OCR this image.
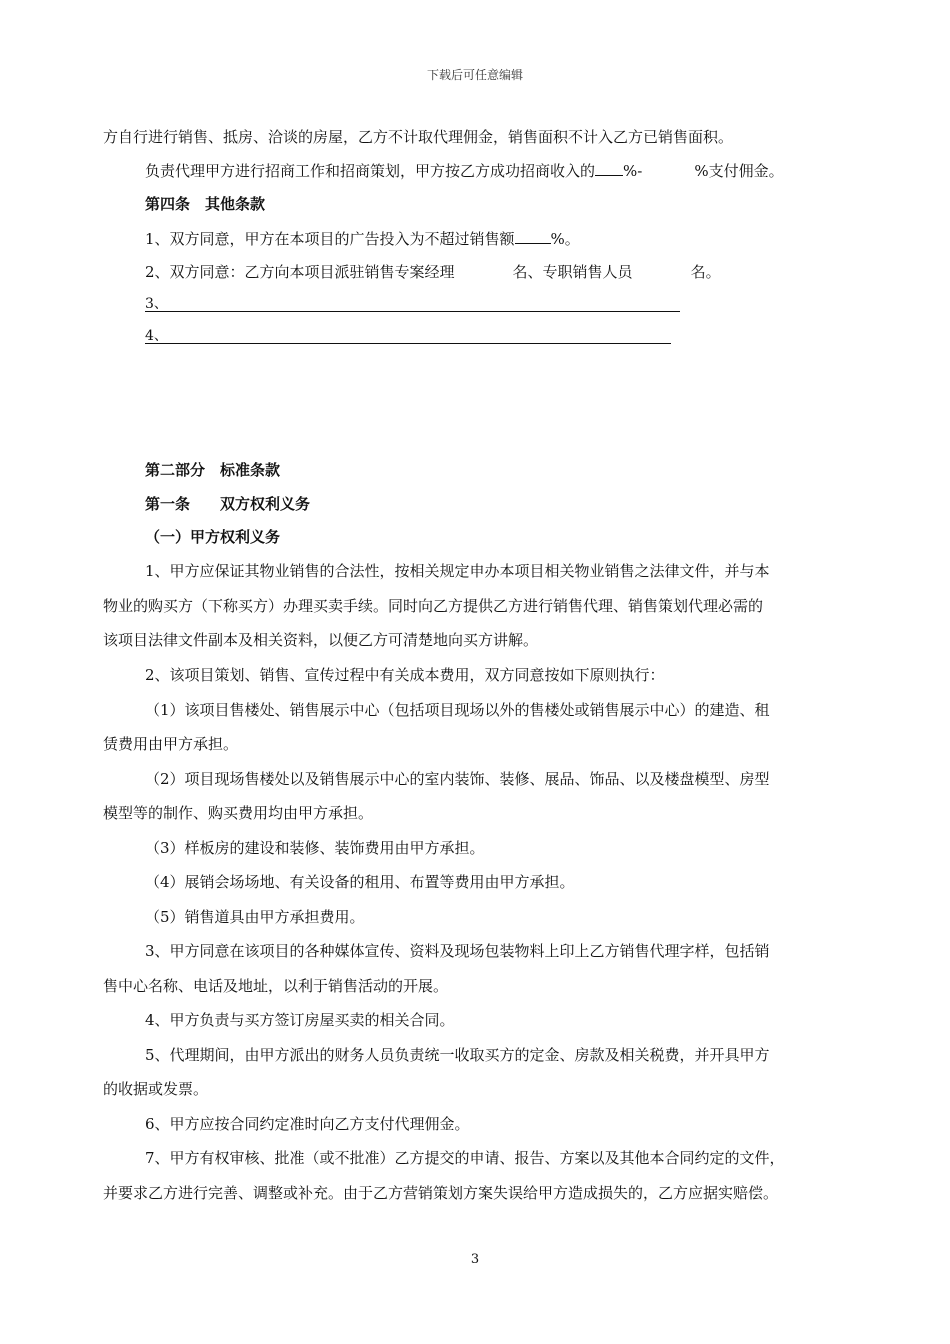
下载后可任意编辑
方自行进行销售、抵房、洽谈的房屋，乙方不计取代理佣金，销售面积不计入乙方已销售面积。
负责代理甲方进行招商工作和招商策划，甲方按乙方成功招商收入的 %-	%支付佣金。
第四条　其他条款
1、双方同意，甲方在本项目的广告投入为不超过销售额 %。
2、双方同意：乙方向本项目派驻销售专案经理	名、专职销售人员	名。
3、
4、
第二部分　标准条款
第一条　　双方权利义务
（一）甲方权利义务
1、甲方应保证其物业销售的合法性，按相关规定申办本项目相关物业销售之法律文件，并与本
物业的购买方（下称买方）办理买卖手续。同时向乙方提供乙方进行销售代理、销售策划代理必需的
该项目法律文件副本及相关资料，以便乙方可清楚地向买方讲解。
2、该项目策划、销售、宣传过程中有关成本费用，双方同意按如下原则执行：
（1）该项目售楼处、销售展示中心（包括项目现场以外的售楼处或销售展示中心）的建造、租
赁费用由甲方承担。
（2）项目现场售楼处以及销售展示中心的室内装饰、装修、展品、饰品、以及楼盘模型、房型
模型等的制作、购买费用均由甲方承担。
（3）样板房的建设和装修、装饰费用由甲方承担。
（4）展销会场场地、有关设备的租用、布置等费用由甲方承担。
（5）销售道具由甲方承担费用。
3、甲方同意在该项目的各种媒体宣传、资料及现场包装物料上印上乙方销售代理字样，包括销
售中心名称、电话及地址，以利于销售活动的开展。
4、甲方负责与买方签订房屋买卖的相关合同。
5、代理期间，由甲方派出的财务人员负责统一收取买方的定金、房款及相关税费，并开具甲方
的收据或发票。
6、甲方应按合同约定准时向乙方支付代理佣金。
7、甲方有权审核、批准（或不批准）乙方提交的申请、报告、方案以及其他本合同约定的文件，
并要求乙方进行完善、调整或补充。由于乙方营销策划方案失误给甲方造成损失的，乙方应据实赔偿。
3
